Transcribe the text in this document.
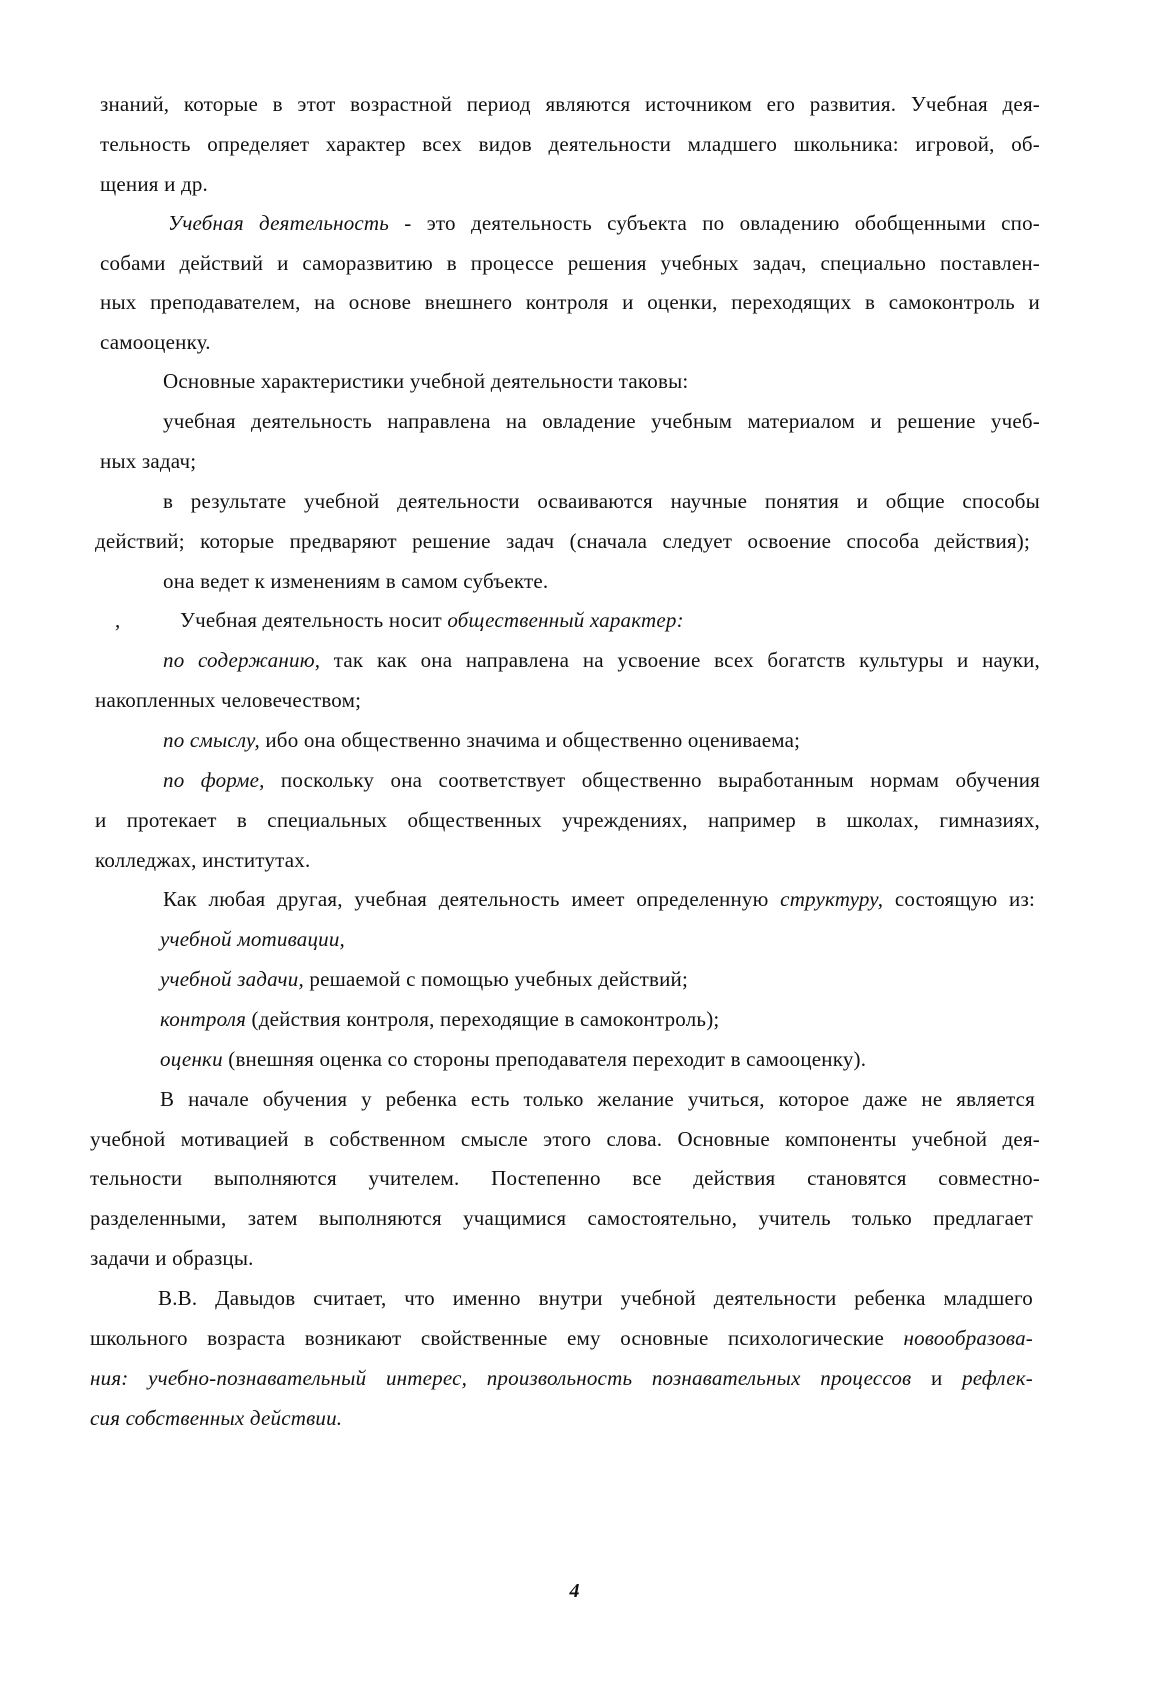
знаний, которые в этот возрастной период являются источником его развития. Учебная дея-
тельность определяет характер всех видов деятельности младшего школьника: игровой, об-
щения и др.
Учебная деятельность - это деятельность субъекта по овладению обобщенными спо-
собами действий и саморазвитию в процессе решения учебных задач, специально поставлен-
ных преподавателем, на основе внешнего контроля и оценки, переходящих в самоконтроль и
самооценку.
Основные характеристики учебной деятельности таковы:
учебная деятельность направлена на овладение учебным материалом и решение учеб-
ных задач;
в результате учебной деятельности осваиваются научные понятия и общие способы
действий; которые предваряют решение задач (сначала следует освоение способа действия);
она ведет к изменениям в самом субъекте.
,	Учебная деятельность носит общественный характер:
по содержанию, так как она направлена на усвоение всех богатств культуры и науки,
накопленных человечеством;
по смыслу, ибо она общественно значима и общественно оцениваема;
по форме, поскольку она соответствует общественно выработанным нормам обучения
и протекает в специальных общественных учреждениях, например в школах, гимназиях,
колледжах, институтах.
Как любая другая, учебная деятельность имеет определенную структуру, состоящую из:
учебной мотивации,
учебной задачи, решаемой с помощью учебных действий;
контроля (действия контроля, переходящие в самоконтроль);
оценки (внешняя оценка со стороны преподавателя переходит в самооценку).
В начале обучения у ребенка есть только желание учиться, которое даже не является
учебной мотивацией в собственном смысле этого слова. Основные компоненты учебной дея-
тельности выполняются учителем. Постепенно все действия становятся совместно-
разделенными, затем выполняются учащимися самостоятельно, учитель только предлагает
задачи и образцы.
В.В. Давыдов считает, что именно внутри учебной деятельности ребенка младшего
школьного возраста возникают свойственные ему основные психологические новообразова-
ния: учебно-познавательный интерес, произвольность познавательных процессов и рефлек-
сия собственных действии.
4
